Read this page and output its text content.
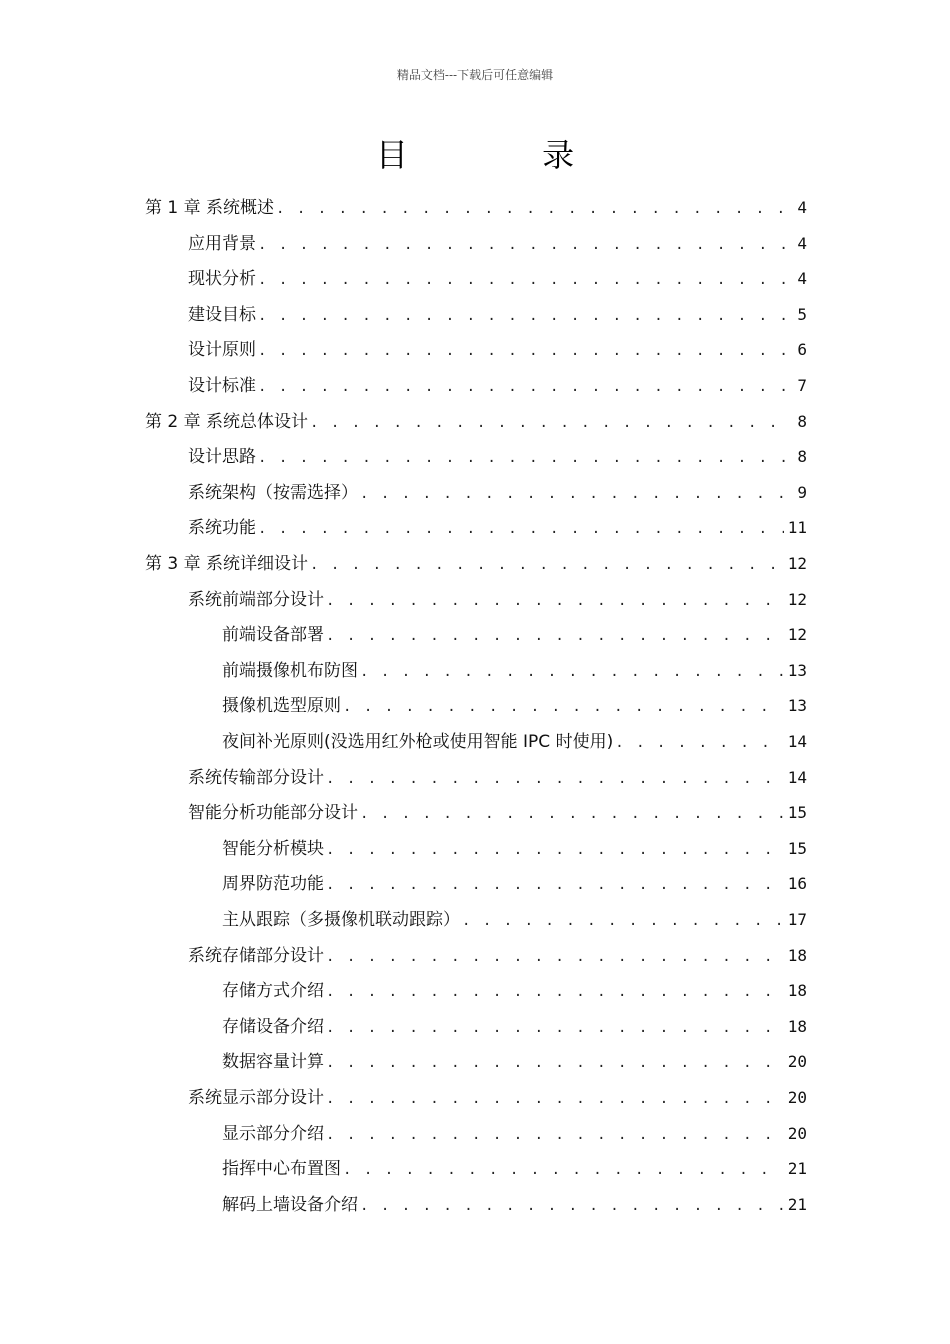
精品文档---下载后可任意编辑
目 录
第 1 章 系统概述 . . .	4
应用背景 . . .	4
现状分析 . . .	4
建设目标 . . .	5
设计原则 . . .	6
设计标准 . . .	7
第 2 章 系统总体设计 . . .	8
设计思路 . . .	8
系统架构（按需选择） . . .	9
系统功能 . . .	11
第 3 章 系统详细设计 . . .	12
系统前端部分设计 . . .	12
前端设备部署 . . .	12
前端摄像机布防图 . . .	13
摄像机选型原则 . . .	13
夜间补光原则(没选用红外枪或使用智能 IPC 时使用) . . .	14
系统传输部分设计 . . .	14
智能分析功能部分设计 . . .	15
智能分析模块 . . .	15
周界防范功能 . . .	16
主从跟踪（多摄像机联动跟踪） . . .	17
系统存储部分设计 . . .	18
存储方式介绍 . . .	18
存储设备介绍 . . .	18
数据容量计算 . . .	20
系统显示部分设计 . . .	20
显示部分介绍 . . .	20
指挥中心布置图 . . .	21
解码上墙设备介绍 . . .	21
